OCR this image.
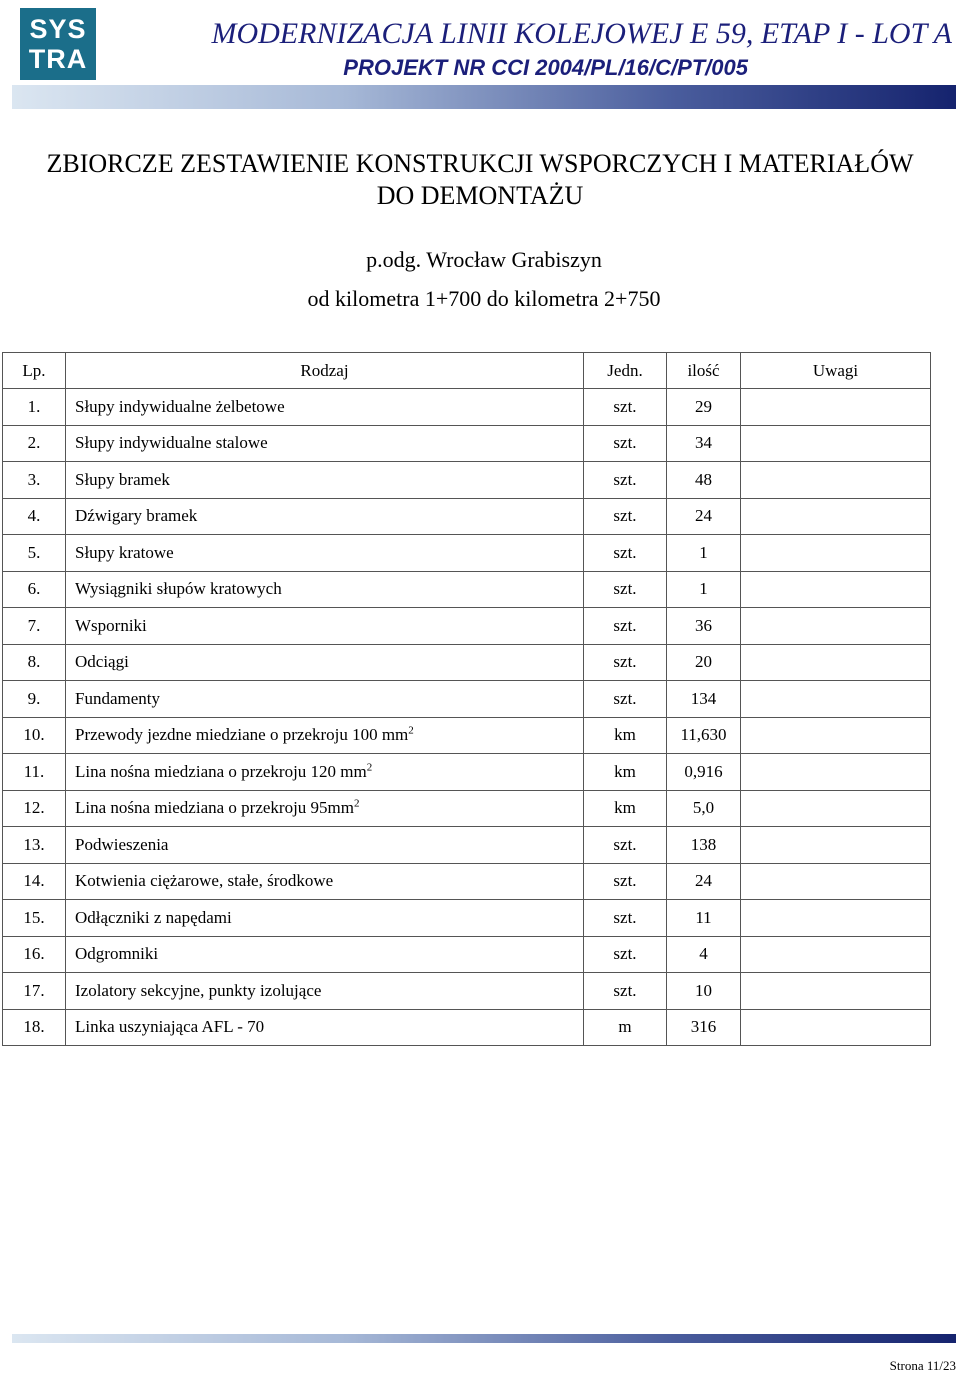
SYS
TRA
MODERNIZACJA LINII KOLEJOWEJ E 59, ETAP I - LOT A
PROJEKT NR CCI 2004/PL/16/C/PT/005
ZBIORCZE ZESTAWIENIE KONSTRUKCJI WSPORCZYCH I MATERIAŁÓW
DO DEMONTAŻU
p.odg. Wrocław Grabiszyn
od kilometra 1+700 do kilometra 2+750
Lp.	Rodzaj	Jedn.	ilość	Uwagi
1.	Słupy indywidualne żelbetowe	szt.	29	
2.	Słupy indywidualne stalowe	szt.	34	
3.	Słupy bramek	szt.	48	
4.	Dźwigary bramek	szt.	24	
5.	Słupy kratowe	szt.	1	
6.	Wysiągniki słupów kratowych	szt.	1	
7.	Wsporniki	szt.	36	
8.	Odciągi	szt.	20	
9.	Fundamenty	szt.	134	
10.	Przewody jezdne miedziane o przekroju 100 $mm^2$	km	11,630	
11.	Lina nośna miedziana o przekroju 120 $mm^2$	km	0,916	
12.	Lina nośna miedziana o przekroju $95mm^2$	km	5,0	
13.	Podwieszenia	szt.	138	
14.	Kotwienia ciężarowe, stałe, środkowe	szt.	24	
15.	Odłączniki z napędami	szt.	11	
16.	Odgromniki	szt.	4	
17.	Izolatory sekcyjne, punkty izolujące	szt.	10	
18.	Linka uszyniająca AFL - 70	m	316	
Strona 11/23
